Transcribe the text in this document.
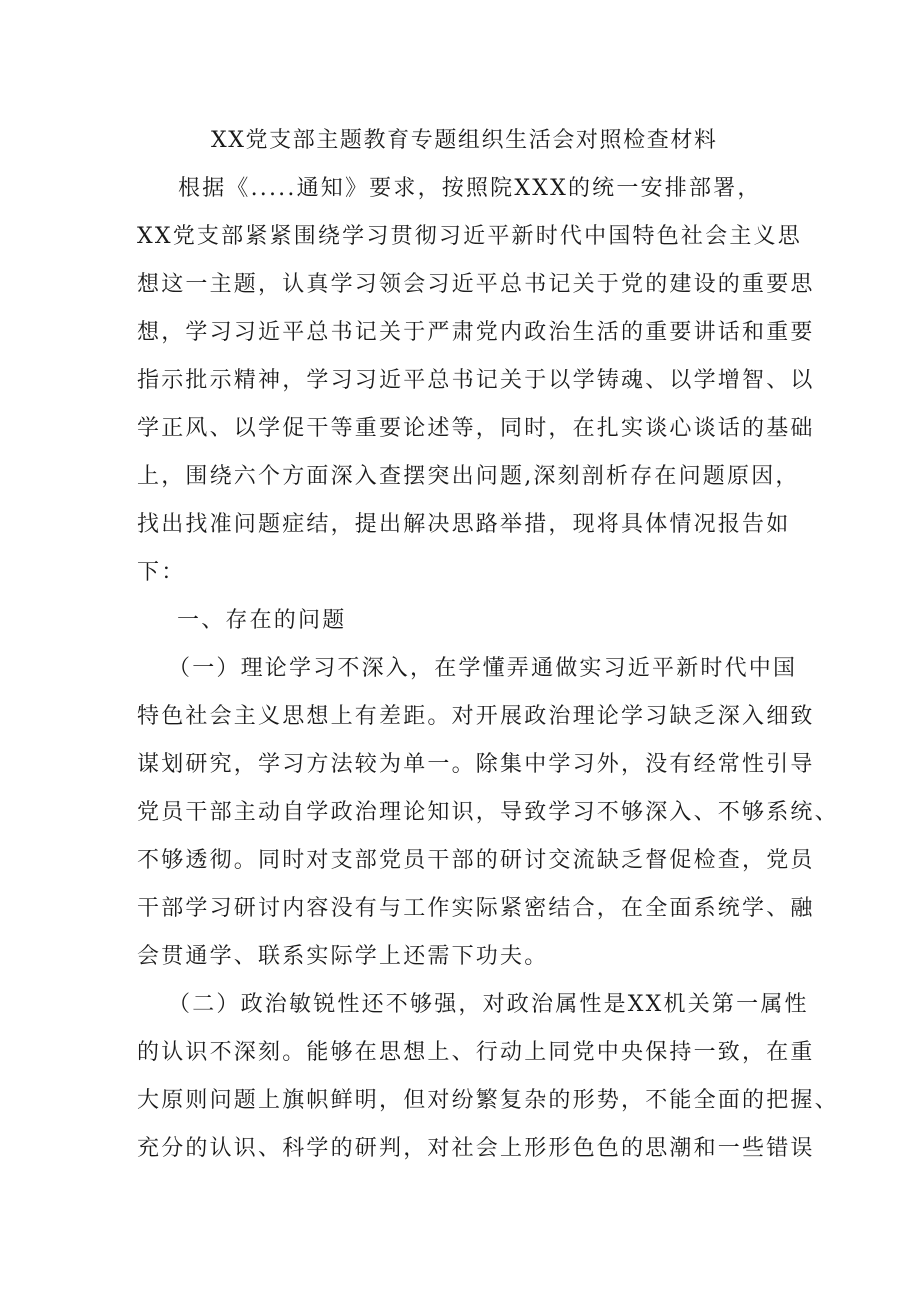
XX党支部主题教育专题组织生活会对照检查材料
根据《.....通知》要求，按照院XXX的统一安排部署，
XX党支部紧紧围绕学习贯彻习近平新时代中国特色社会主义思
想这一主题，认真学习领会习近平总书记关于党的建设的重要思
想，学习习近平总书记关于严肃党内政治生活的重要讲话和重要
指示批示精神，学习习近平总书记关于以学铸魂、以学增智、以
学正风、以学促干等重要论述等，同时，在扎实谈心谈话的基础
上，围绕六个方面深入查摆突出问题,深刻剖析存在问题原因，
找出找准问题症结，提出解决思路举措，现将具体情况报告如
下：
一、存在的问题
（一）理论学习不深入，在学懂弄通做实习近平新时代中国
特色社会主义思想上有差距。对开展政治理论学习缺乏深入细致
谋划研究，学习方法较为单一。除集中学习外，没有经常性引导
党员干部主动自学政治理论知识，导致学习不够深入、不够系统、
不够透彻。同时对支部党员干部的研讨交流缺乏督促检查，党员
干部学习研讨内容没有与工作实际紧密结合，在全面系统学、融
会贯通学、联系实际学上还需下功夫。
（二）政治敏锐性还不够强，对政治属性是XX机关第一属性
的认识不深刻。能够在思想上、行动上同党中央保持一致，在重
大原则问题上旗帜鲜明，但对纷繁复杂的形势，不能全面的把握、
充分的认识、科学的研判，对社会上形形色色的思潮和一些错误
